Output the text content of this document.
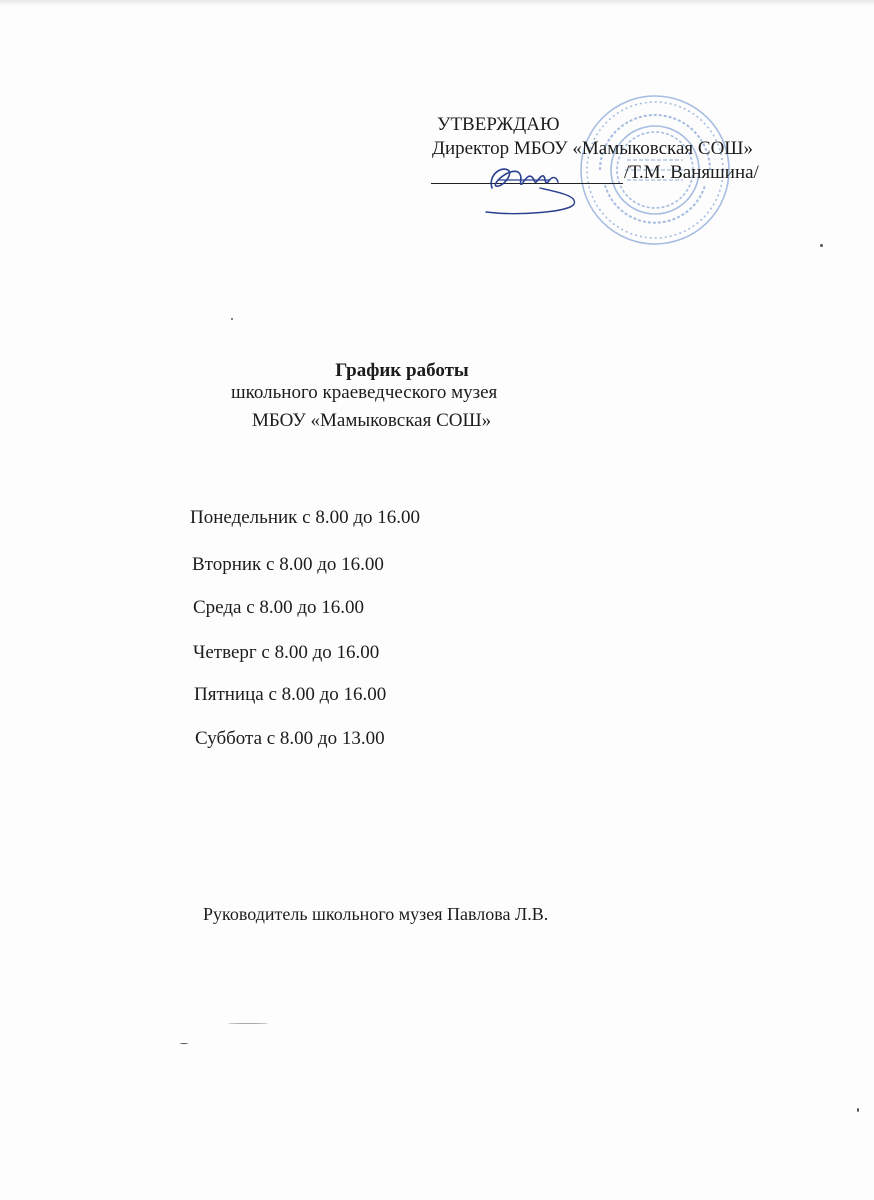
УТВЕРЖДАЮ
Директор МБОУ «Мамыковская СОШ»
/Т.М. Ваняшина/
График работы
школьного краеведческого музея
МБОУ «Мамыковская СОШ»
Понедельник с 8.00 до 16.00
Вторник с 8.00 до 16.00
Среда с 8.00 до 16.00
Четверг с 8.00 до 16.00
Пятница с 8.00 до 16.00
Суббота с 8.00 до 13.00
Руководитель школьного музея Павлова Л.В.
